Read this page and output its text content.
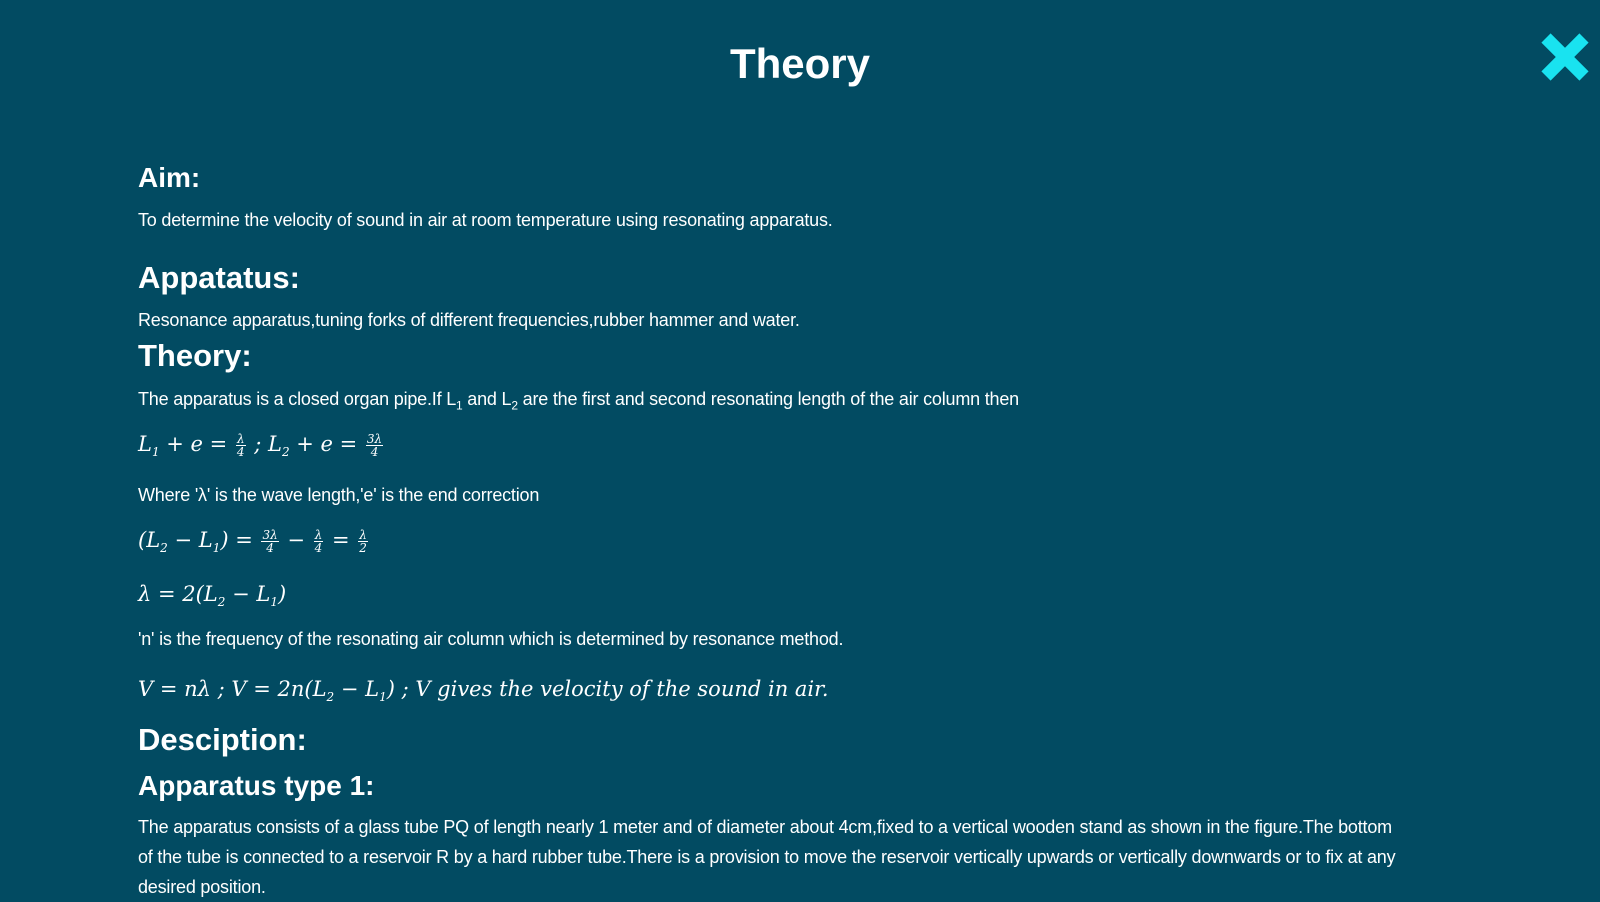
Theory
Aim:
To determine the velocity of sound in air at room temperature using resonating apparatus.
Appatatus:
Resonance apparatus,tuning forks of different frequencies,rubber hammer and water.
Theory:
The apparatus is a closed organ pipe.If $L_1$ and $L_2$ are the first and second resonating length of the air column then
$L_1 + e = \frac{\lambda}{4}$ ; $L_2 + e = \frac{3\lambda}{4}$
Where 'λ' is the wave length,'e' is the end correction
$(L_2 - L_1) = \frac{3\lambda}{4} - \frac{\lambda}{4} = \frac{\lambda}{2}$
$\lambda = 2(L_2 - L_1)$
'n' is the frequency of the resonating air column which is determined by resonance method.
V = nλ ; $V = 2n(L_2 - L_1)$ ; V gives the velocity of the sound in air.
Desciption:
Apparatus type 1:
The apparatus consists of a glass tube PQ of length nearly 1 meter and of diameter about 4cm,fixed to a vertical wooden stand as shown in the figure.The bottom of the tube is connected to a reservoir R by a hard rubber tube.There is a provision to move the reservoir vertically upwards or vertically downwards or to fix at any desired position.
